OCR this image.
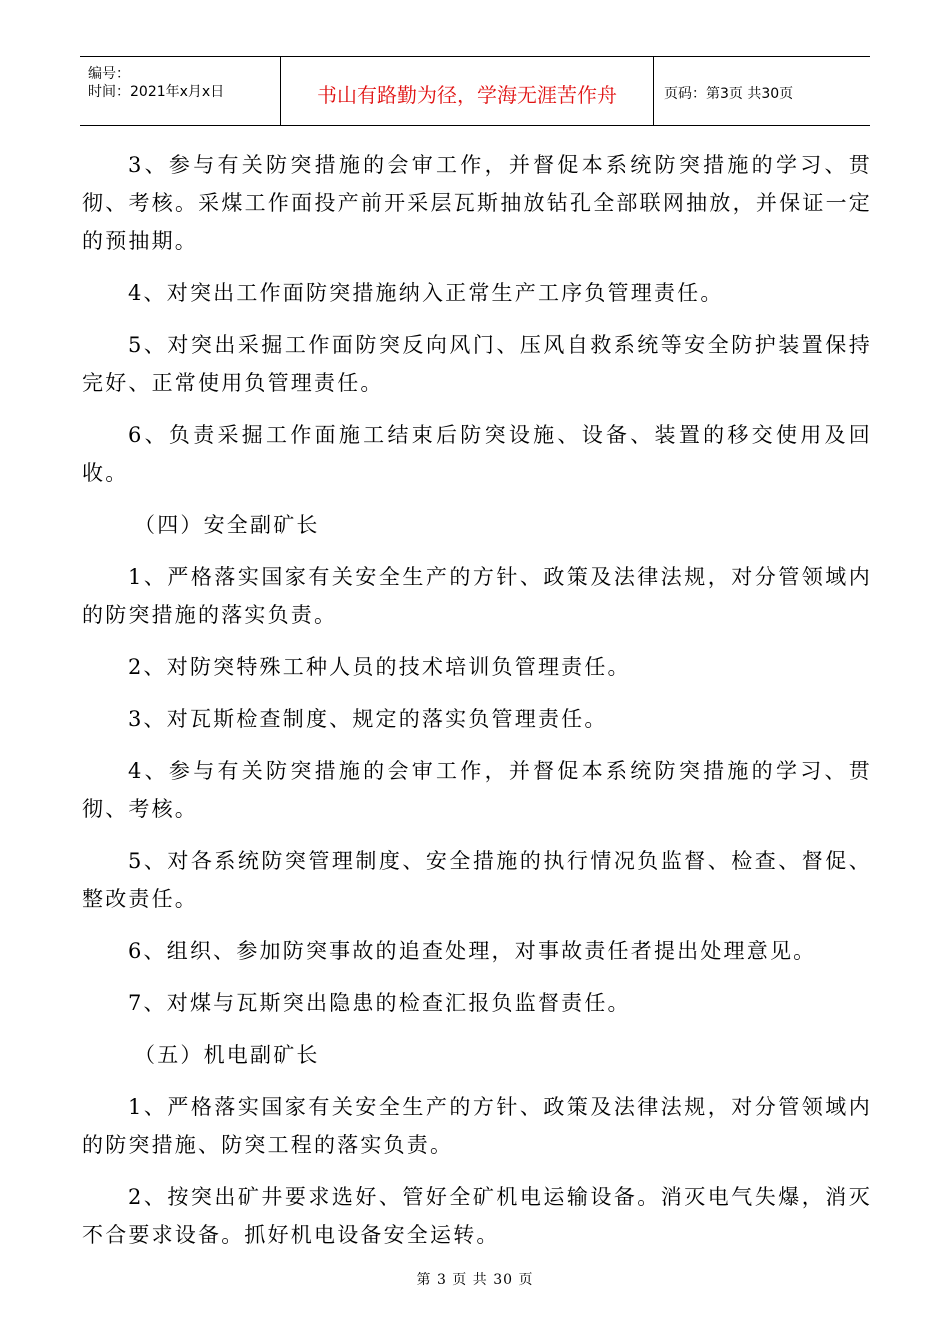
编号：
时间：2021年x月x日	书山有路勤为径，学海无涯苦作舟	页码：第3页 共30页

3、参与有关防突措施的会审工作，并督促本系统防突措施的学习、贯彻、考核。采煤工作面投产前开采层瓦斯抽放钻孔全部联网抽放，并保证一定的预抽期。

4、对突出工作面防突措施纳入正常生产工序负管理责任。

5、对突出采掘工作面防突反向风门、压风自救系统等安全防护装置保持完好、正常使用负管理责任。

6、负责采掘工作面施工结束后防突设施、设备、装置的移交使用及回收。

（四）安全副矿长

1、严格落实国家有关安全生产的方针、政策及法律法规，对分管领域内的防突措施的落实负责。

2、对防突特殊工种人员的技术培训负管理责任。

3、对瓦斯检查制度、规定的落实负管理责任。

4、参与有关防突措施的会审工作，并督促本系统防突措施的学习、贯彻、考核。

5、对各系统防突管理制度、安全措施的执行情况负监督、检查、督促、整改责任。

6、组织、参加防突事故的追查处理，对事故责任者提出处理意见。

7、对煤与瓦斯突出隐患的检查汇报负监督责任。

（五）机电副矿长

1、严格落实国家有关安全生产的方针、政策及法律法规，对分管领域内的防突措施、防突工程的落实负责。

2、按突出矿井要求选好、管好全矿机电运输设备。消灭电气失爆，消灭不合要求设备。抓好机电设备安全运转。

第 3 页 共 30 页
